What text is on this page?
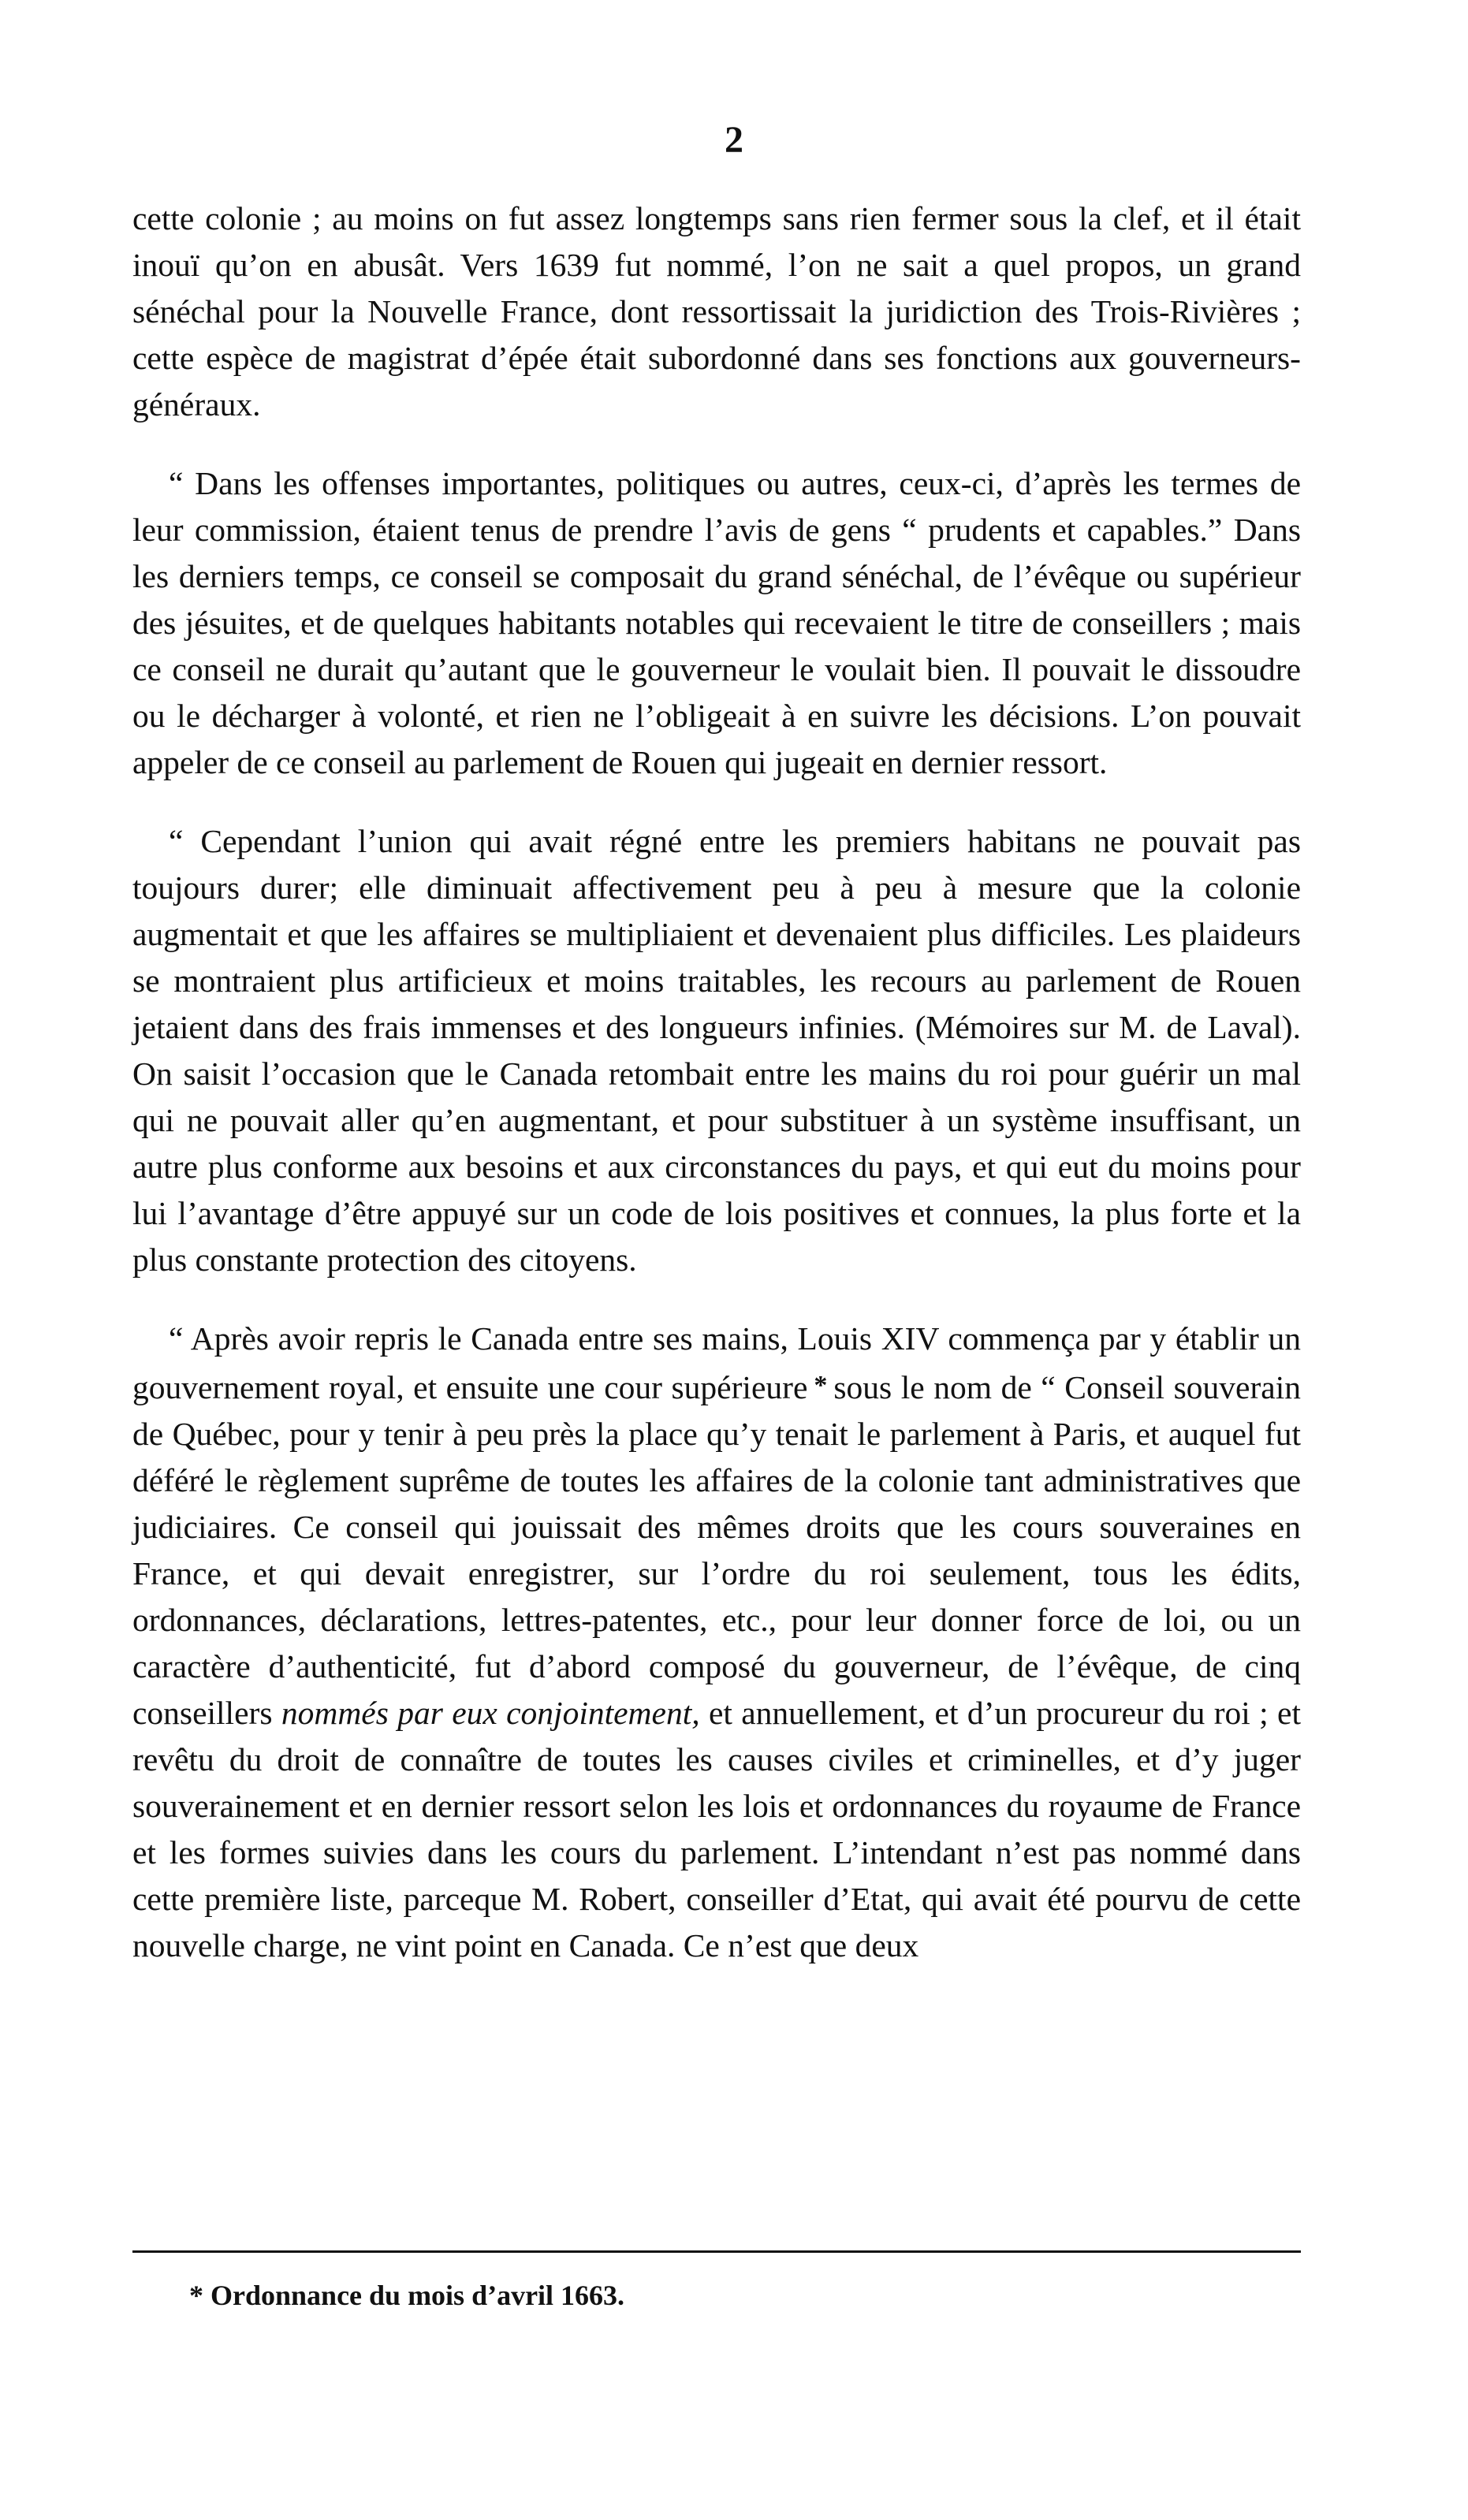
2

cette colonie ; au moins on fut assez longtemps sans rien fermer sous la clef, et il était inouï qu’on en abusât. Vers 1639 fut nommé, l’on ne sait a quel propos, un grand sénéchal pour la Nouvelle France, dont ressortissait la juridiction des Trois-Rivières ; cette espèce de magistrat d’épée était subordonné dans ses fonctions aux gouverneurs-généraux.

“ Dans les offenses importantes, politiques ou autres, ceux-ci, d’après les termes de leur commission, étaient tenus de prendre l’avis de gens “ prudents et capables.” Dans les derniers temps, ce conseil se composait du grand sénéchal, de l’évêque ou supérieur des jésuites, et de quelques habitants notables qui recevaient le titre de conseillers ; mais ce conseil ne durait qu’autant que le gouverneur le voulait bien. Il pouvait le dissoudre ou le décharger à volonté, et rien ne l’obligeait à en suivre les décisions. L’on pouvait appeler de ce conseil au parlement de Rouen qui jugeait en dernier ressort.

“ Cependant l’union qui avait régné entre les premiers habitans ne pouvait pas toujours durer; elle diminuait affectivement peu à peu à mesure que la colonie augmentait et que les affaires se multipliaient et devenaient plus difficiles. Les plaideurs se montraient plus artificieux et moins traitables, les recours au parlement de Rouen jetaient dans des frais immenses et des longueurs infinies. (Mémoires sur M. de Laval). On saisit l’occasion que le Canada retombait entre les mains du roi pour guérir un mal qui ne pouvait aller qu’en augmentant, et pour substituer à un système insuffisant, un autre plus conforme aux besoins et aux circonstances du pays, et qui eut du moins pour lui l’avantage d’être appuyé sur un code de lois positives et connues, la plus forte et la plus constante protection des citoyens.

“ Après avoir repris le Canada entre ses mains, Louis XIV commença par y établir un gouvernement royal, et ensuite une cour supérieure * sous le nom de “ Conseil souverain de Québec, pour y tenir à peu près la place qu’y tenait le parlement à Paris, et auquel fut déféré le règlement suprême de toutes les affaires de la colonie tant administratives que judiciaires. Ce conseil qui jouissait des mêmes droits que les cours souveraines en France, et qui devait enregistrer, sur l’ordre du roi seulement, tous les édits, ordonnances, déclarations, lettres-patentes, etc., pour leur donner force de loi, ou un caractère d’authenticité, fut d’abord composé du gouverneur, de l’évêque, de cinq conseillers nommés par eux conjointement, et annuellement, et d’un procureur du roi ; et revêtu du droit de connaître de toutes les causes civiles et criminelles, et d’y juger souverainement et en dernier ressort selon les lois et ordonnances du royaume de France et les formes suivies dans les cours du parlement. L’intendant n’est pas nommé dans cette première liste, parceque M. Robert, conseiller d’Etat, qui avait été pourvu de cette nouvelle charge, ne vint point en Canada. Ce n’est que deux

* Ordonnance du mois d’avril 1663.
